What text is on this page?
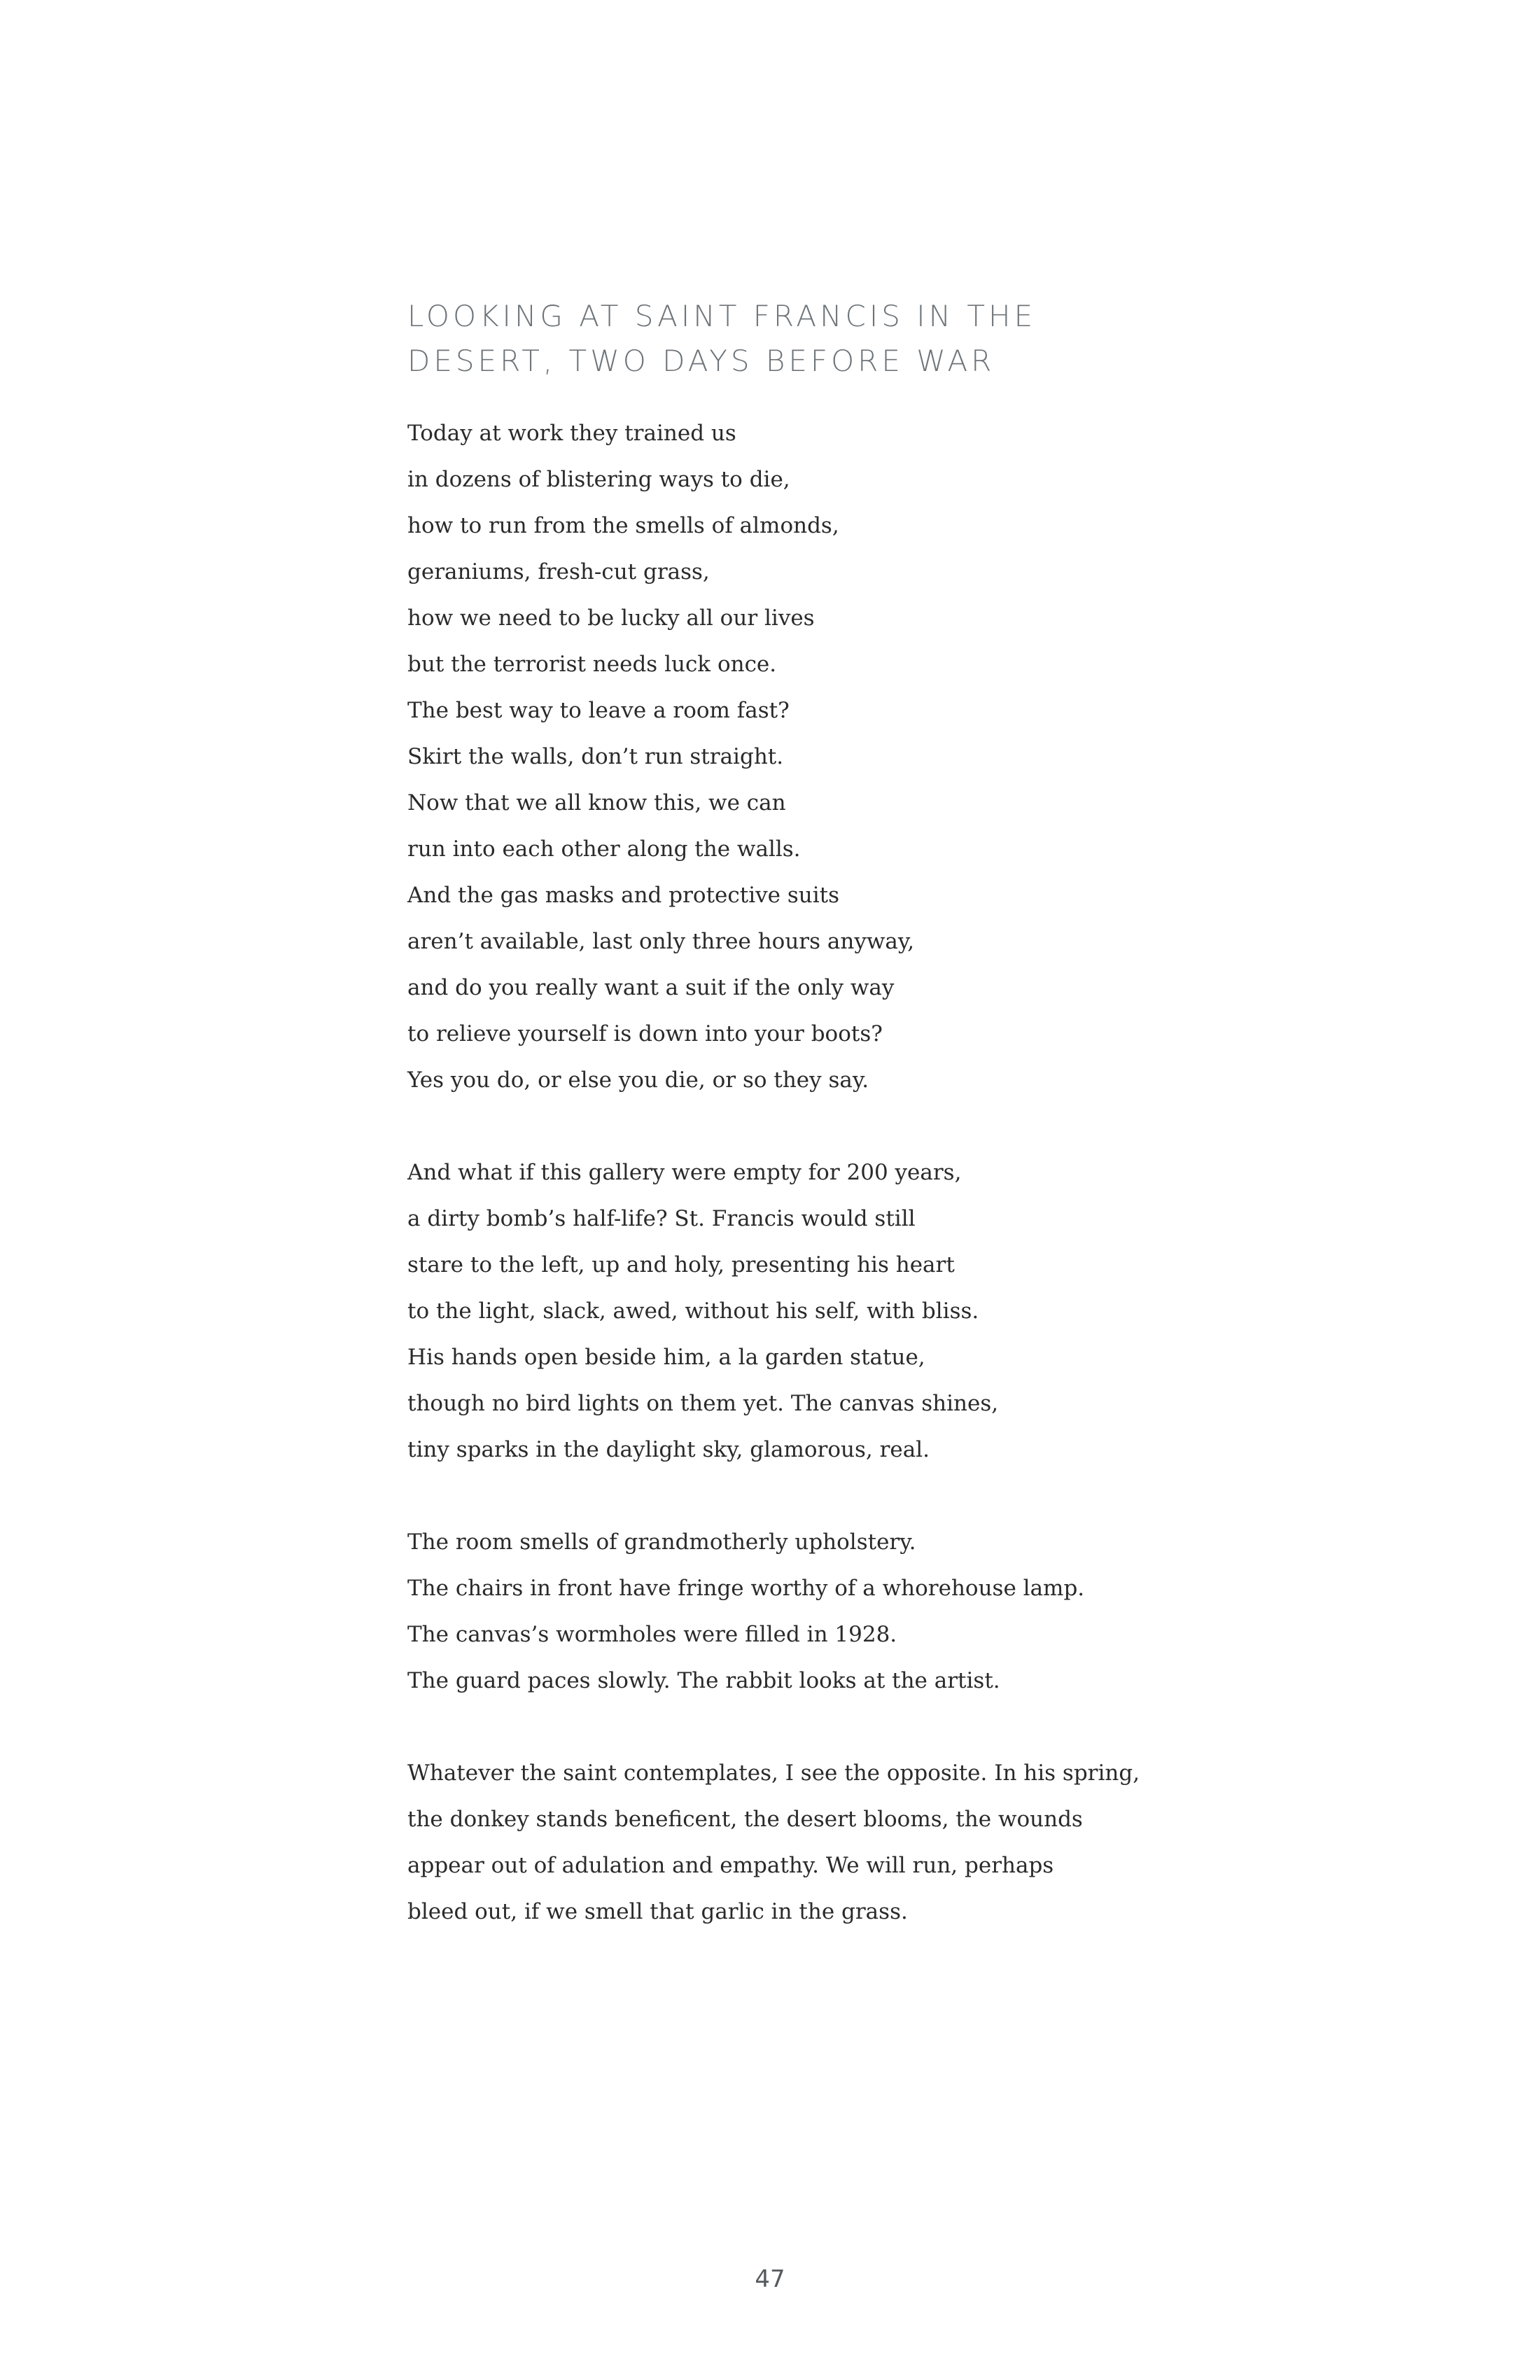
LOOKING AT SAINT FRANCIS IN THE
DESERT, TWO DAYS BEFORE WAR
Today at work they trained us
in dozens of blistering ways to die,
how to run from the smells of almonds,
geraniums, fresh-cut grass,
how we need to be lucky all our lives
but the terrorist needs luck once.
The best way to leave a room fast?
Skirt the walls, don’t run straight.
Now that we all know this, we can
run into each other along the walls.
And the gas masks and protective suits
aren’t available, last only three hours anyway,
and do you really want a suit if the only way
to relieve yourself is down into your boots?
Yes you do, or else you die, or so they say.
And what if this gallery were empty for 200 years,
a dirty bomb’s half-life? St. Francis would still
stare to the left, up and holy, presenting his heart
to the light, slack, awed, without his self, with bliss.
His hands open beside him, a la garden statue,
though no bird lights on them yet. The canvas shines,
tiny sparks in the daylight sky, glamorous, real.
The room smells of grandmotherly upholstery.
The chairs in front have fringe worthy of a whorehouse lamp.
The canvas’s wormholes were filled in 1928.
The guard paces slowly. The rabbit looks at the artist.
Whatever the saint contemplates, I see the opposite. In his spring,
the donkey stands beneficent, the desert blooms, the wounds
appear out of adulation and empathy. We will run, perhaps
bleed out, if we smell that garlic in the grass.
47
